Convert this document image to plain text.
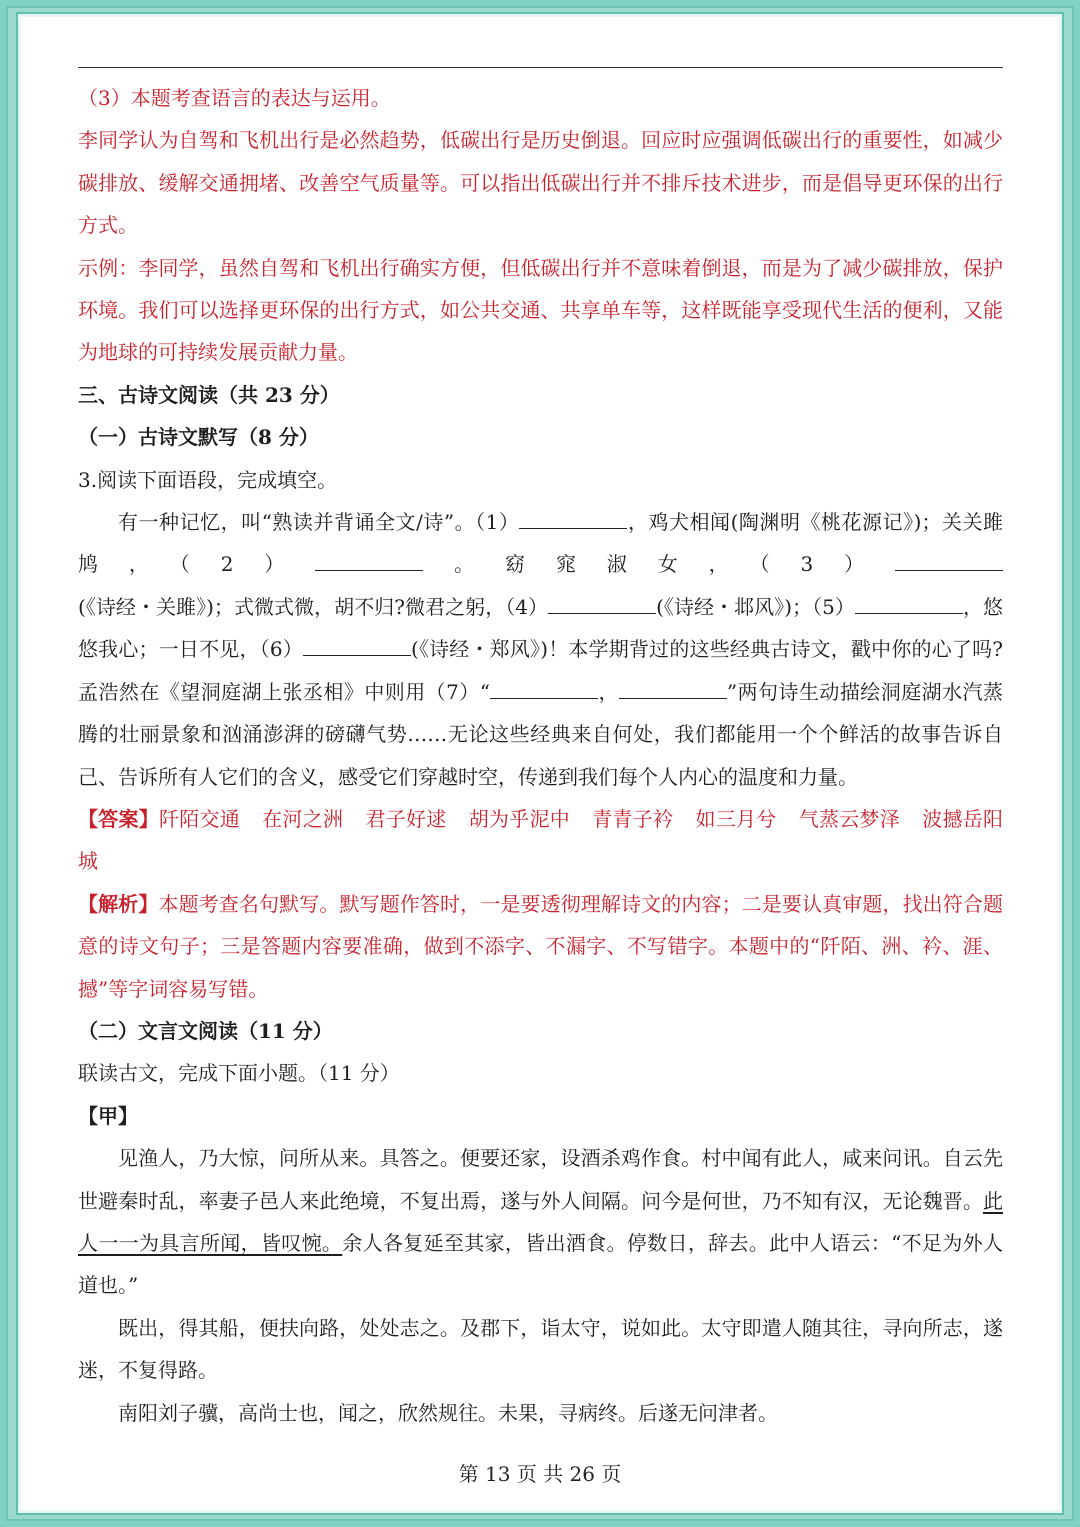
（3）本题考查语言的表达与运用。

李同学认为自驾和飞机出行是必然趋势，低碳出行是历史倒退。回应时应强调低碳出行的重要性，如减少碳排放、缓解交通拥堵、改善空气质量等。可以指出低碳出行并不排斥技术进步，而是倡导更环保的出行方式。

示例：李同学，虽然自驾和飞机出行确实方便，但低碳出行并不意味着倒退，而是为了减少碳排放，保护环境。我们可以选择更环保的出行方式，如公共交通、共享单车等，这样既能享受现代生活的便利，又能为地球的可持续发展贡献力量。

三、古诗文阅读（共 23 分）

（一）古诗文默写（8 分）

3.阅读下面语段，完成填空。

有一种记忆，叫“熟读并背诵全文/诗”。（1）	，鸡犬相闻(陶渊明《桃花源记》)；关关雎鸠，（2）	。窈窕淑女，（3）(《诗经・关雎》)；式微式微，胡不归?微君之躬，（4）	(《诗经・邶风》)；（5）	，悠悠我心；一日不见，（6）	(《诗经・郑风》)！本学期背过的这些经典古诗文，戳中你的心了吗?孟浩然在《望洞庭湖上张丞相》中则用（7）“	，	”两句诗生动描绘洞庭湖水汽蒸腾的壮丽景象和汹涌澎湃的磅礴气势……无论这些经典来自何处，我们都能用一个个鲜活的故事告诉自己、告诉所有人它们的含义，感受它们穿越时空，传递到我们每个人内心的温度和力量。

【答案】阡陌交通 在河之洲 君子好逑 胡为乎泥中 青青子衿 如三月兮 气蒸云梦泽 波撼岳阳城

【解析】本题考查名句默写。默写题作答时，一是要透彻理解诗文的内容；二是要认真审题，找出符合题意的诗文句子；三是答题内容要准确，做到不添字、不漏字、不写错字。本题中的“阡陌、洲、衿、涯、撼”等字词容易写错。

（二）文言文阅读（11 分）

联读古文，完成下面小题。（11 分）

【甲】

见渔人，乃大惊，问所从来。具答之。便要还家，设酒杀鸡作食。村中闻有此人，咸来问讯。自云先世避秦时乱，率妻子邑人来此绝境，不复出焉，遂与外人间隔。问今是何世，乃不知有汉，无论魏晋。此人一一为具言所闻，皆叹惋。余人各复延至其家，皆出酒食。停数日，辞去。此中人语云：“不足为外人道也。”

既出，得其船，便扶向路，处处志之。及郡下，诣太守，说如此。太守即遣人随其往，寻向所志，遂迷，不复得路。

南阳刘子骥，高尚士也，闻之，欣然规往。未果，寻病终。后遂无问津者。

第 13 页 共 26 页
